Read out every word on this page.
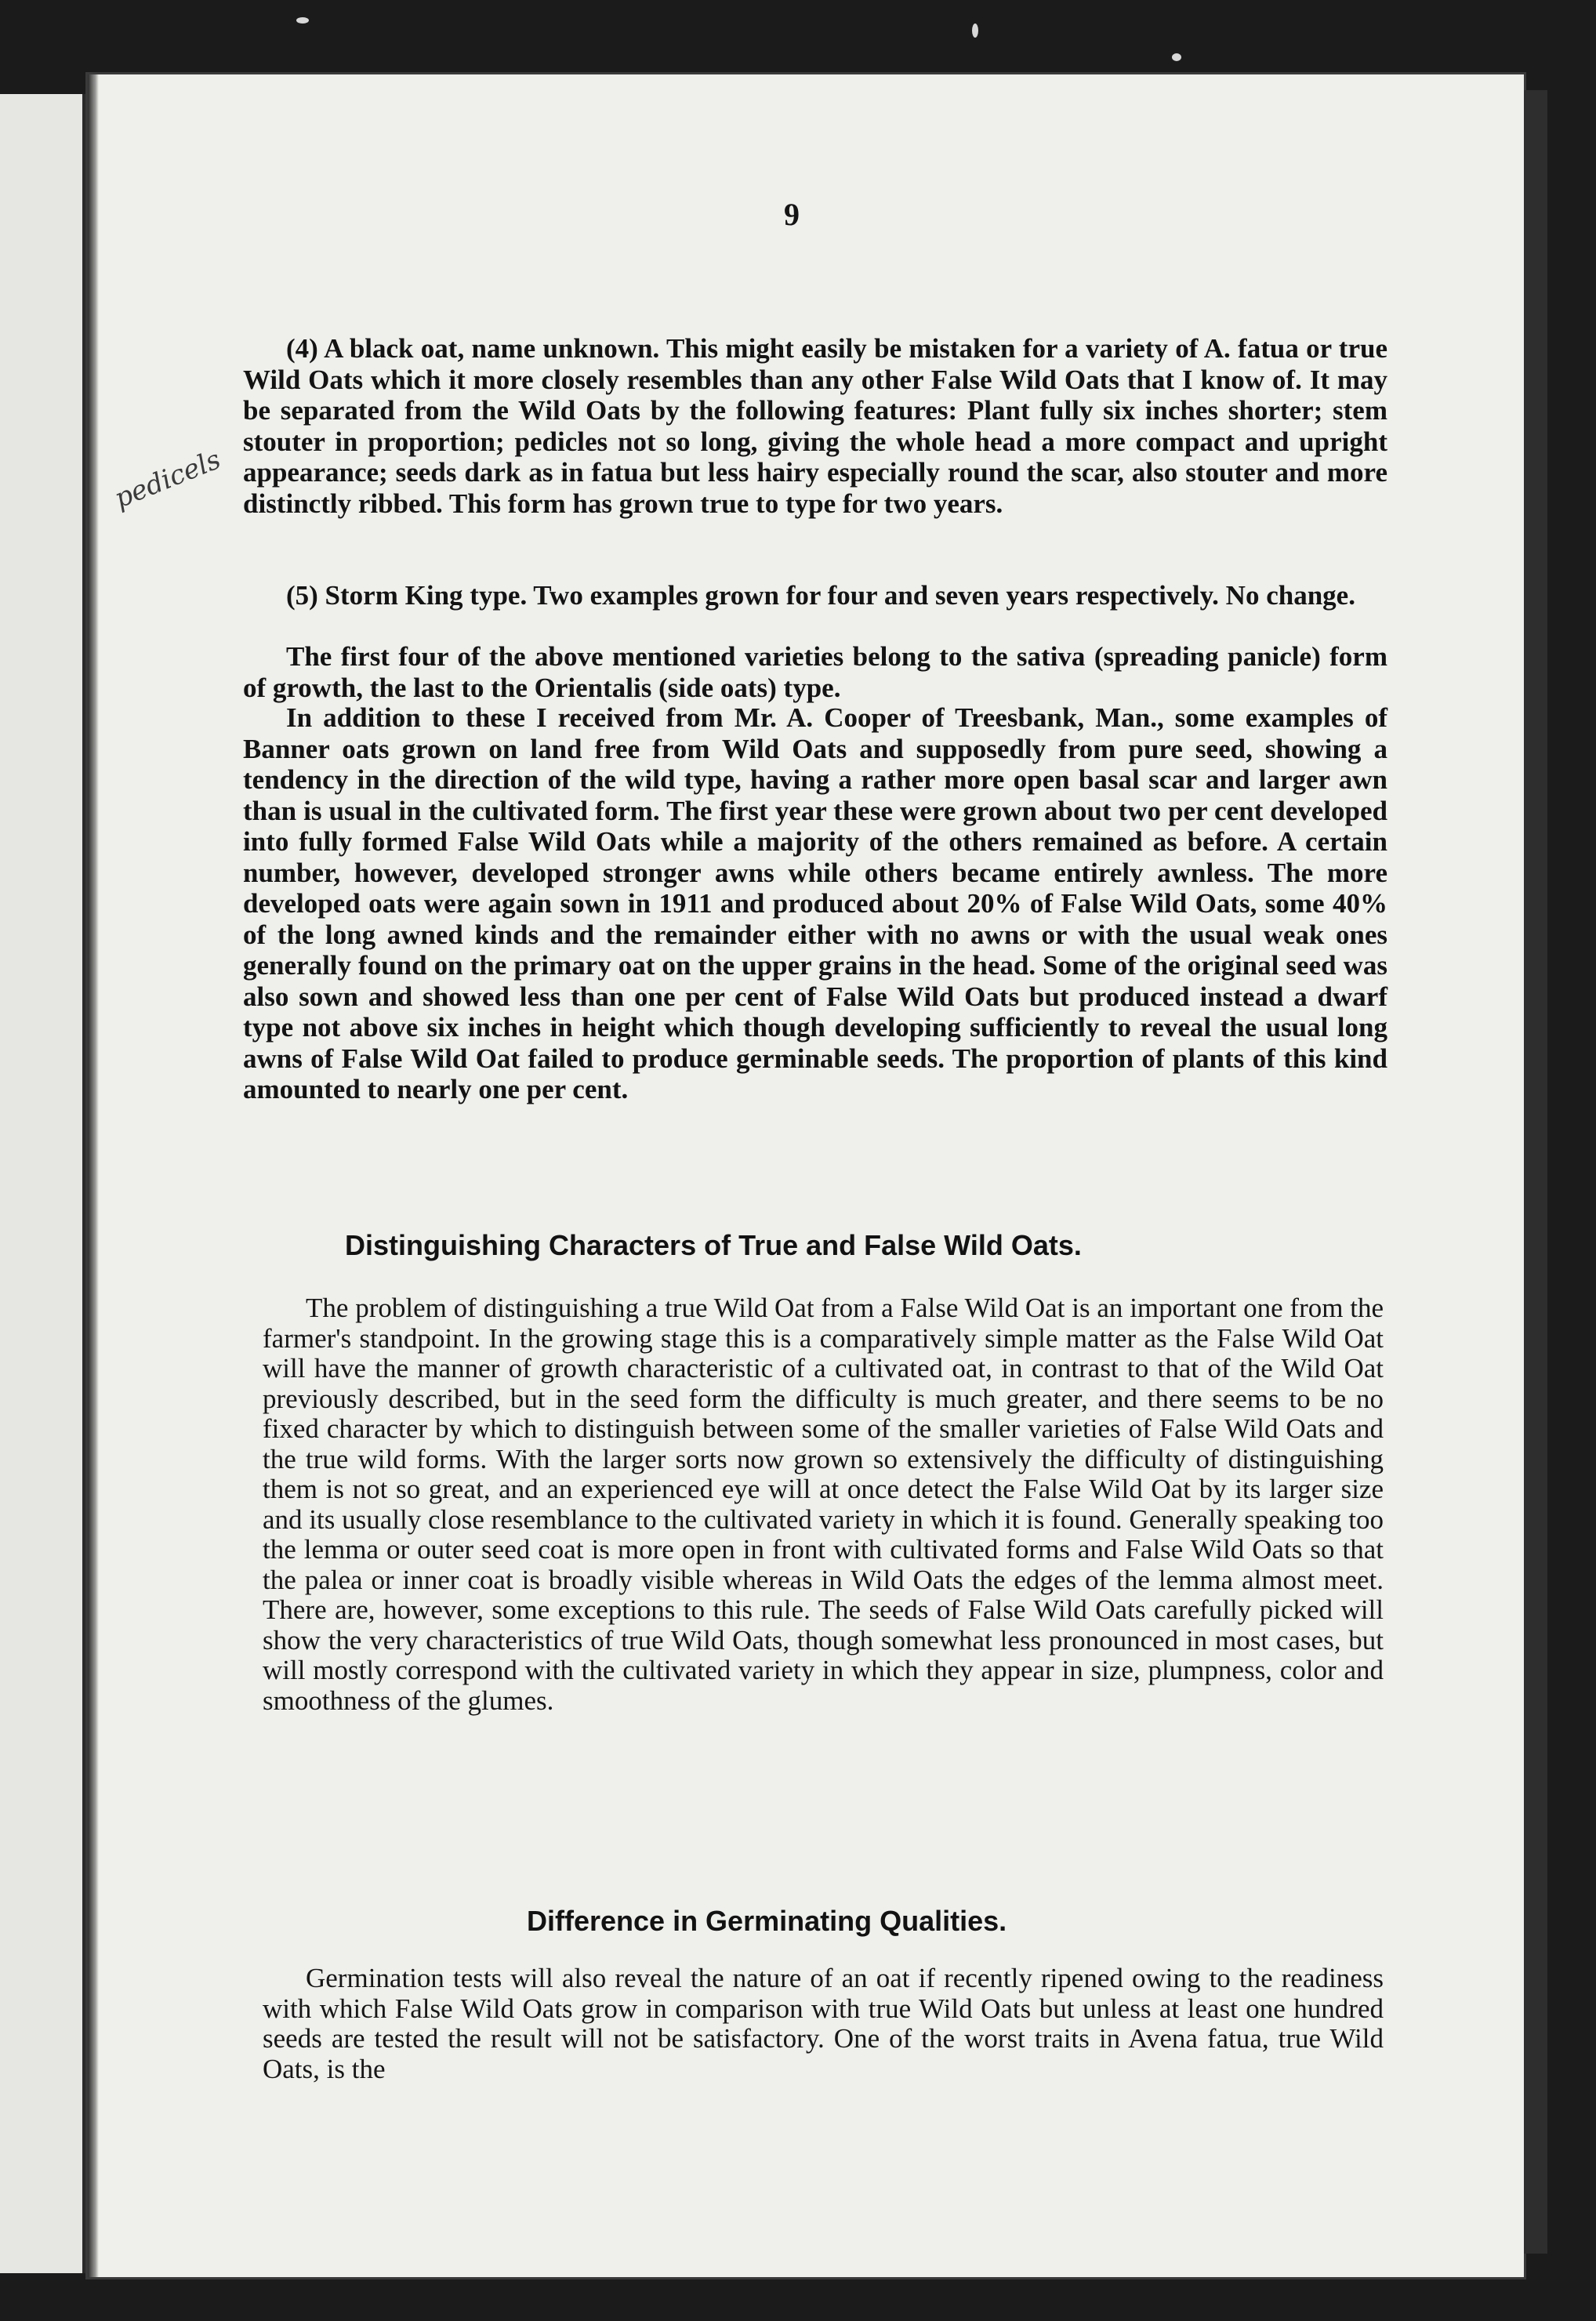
9
pedicels

(4) A black oat, name unknown. This might easily be mistaken for a variety of A. fatua or true Wild Oats which it more closely resembles than any other False Wild Oats that I know of. It may be separated from the Wild Oats by the following features: Plant fully six inches shorter; stem stouter in proportion; pedicles not so long, giving the whole head a more compact and upright appearance; seeds dark as in fatua but less hairy especially round the scar, also stouter and more distinctly ribbed. This form has grown true to type for two years.

(5) Storm King type. Two examples grown for four and seven years respectively. No change.

The first four of the above mentioned varieties belong to the sativa (spreading panicle) form of growth, the last to the Orientalis (side oats) type.

In addition to these I received from Mr. A. Cooper of Treesbank, Man., some examples of Banner oats grown on land free from Wild Oats and supposedly from pure seed, showing a tendency in the direction of the wild type, having a rather more open basal scar and larger awn than is usual in the cultivated form. The first year these were grown about two per cent developed into fully formed False Wild Oats while a majority of the others remained as before. A certain number, however, developed stronger awns while others became entirely awnless. The more developed oats were again sown in 1911 and produced about 20% of False Wild Oats, some 40% of the long awned kinds and the remainder either with no awns or with the usual weak ones generally found on the primary oat on the upper grains in the head. Some of the original seed was also sown and showed less than one per cent of False Wild Oats but produced instead a dwarf type not above six inches in height which though developing sufficiently to reveal the usual long awns of False Wild Oat failed to produce germinable seeds. The proportion of plants of this kind amounted to nearly one per cent.

Distinguishing Characters of True and False Wild Oats.

The problem of distinguishing a true Wild Oat from a False Wild Oat is an important one from the farmer's standpoint. In the growing stage this is a comparatively simple matter as the False Wild Oat will have the manner of growth characteristic of a cultivated oat, in contrast to that of the Wild Oat previously described, but in the seed form the difficulty is much greater, and there seems to be no fixed character by which to distinguish between some of the smaller varieties of False Wild Oats and the true wild forms. With the larger sorts now grown so extensively the difficulty of distinguishing them is not so great, and an experienced eye will at once detect the False Wild Oat by its larger size and its usually close resemblance to the cultivated variety in which it is found. Generally speaking too the lemma or outer seed coat is more open in front with cultivated forms and False Wild Oats so that the palea or inner coat is broadly visible whereas in Wild Oats the edges of the lemma almost meet. There are, however, some exceptions to this rule. The seeds of False Wild Oats carefully picked will show the very characteristics of true Wild Oats, though somewhat less pronounced in most cases, but will mostly correspond with the cultivated variety in which they appear in size, plumpness, color and smoothness of the glumes.

Difference in Germinating Qualities.

Germination tests will also reveal the nature of an oat if recently ripened owing to the readiness with which False Wild Oats grow in comparison with true Wild Oats but unless at least one hundred seeds are tested the result will not be satisfactory. One of the worst traits in Avena fatua, true Wild Oats, is the
